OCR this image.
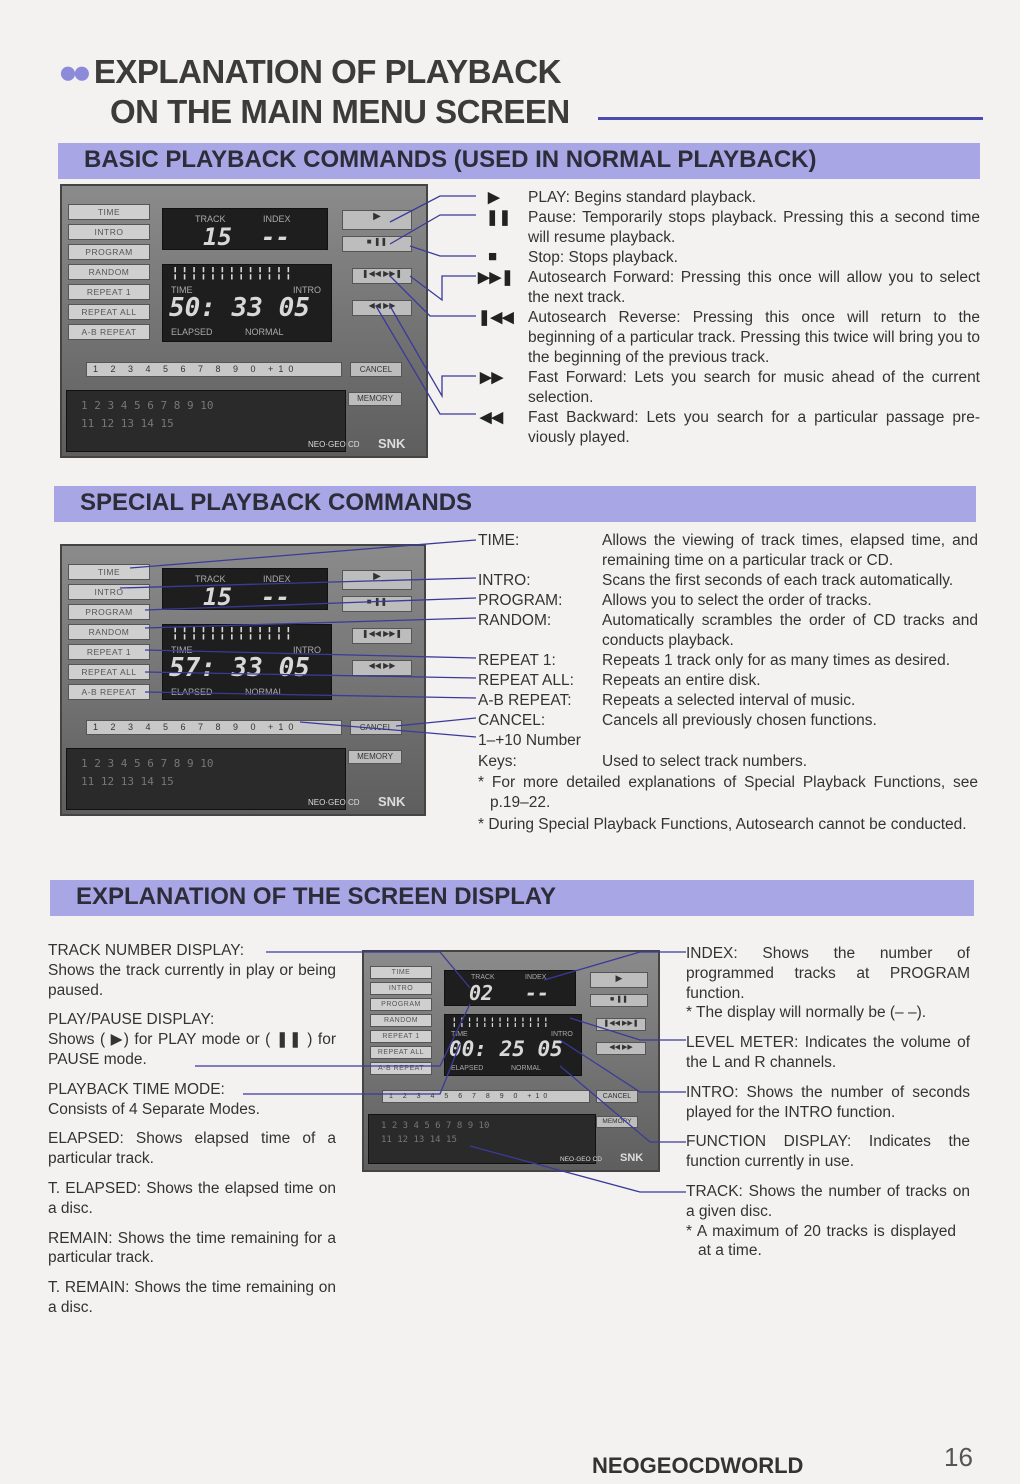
●● EXPLANATION OF PLAYBACK
ON THE MAIN MENU SCREEN
BASIC PLAYBACK COMMANDS (USED IN NORMAL PLAYBACK)
SPECIAL PLAYBACK COMMANDS
EXPLANATION OF THE SCREEN DISPLAY
TIME
INTRO
PROGRAM
RANDOM
REPEAT 1
REPEAT ALL
A-B REPEAT
TRACK	INDEX
15 --
¦¦¦¦¦¦¦¦¦¦¦¦¦
TIME	INTRO
50: 33 05
ELAPSED	NORMAL
▶
■ ❚❚
❚◀◀ ▶▶❚
◀◀ ▶▶
1 2 3 4 5 6 7 8 9 0 +10	CANCEL
1 2 3 4 5 6 7 8 9 10
11 12 13 14 15
MEMORY
NEO·GEO CD SNK
▶ PLAY: Begins standard playback.
❚❚ Pause: Temporarily stops playback. Pressing this a second time will resume playback.
■ Stop: Stops playback.
▶▶❚ Autosearch Forward: Pressing this once will allow you to select the next track.
❚◀◀ Autosearch Reverse: Pressing this once will return to the beginning of a particular track. Pressing this twice will bring you to the beginning of the previous track.
▶▶ Fast Forward: Lets you search for music ahead of the current selection.
◀◀ Fast Backward: Lets you search for a particular passage pre-viously played.
TIME
INTRO
PROGRAM
RANDOM
REPEAT 1
REPEAT ALL
A-B REPEAT
TRACK	INDEX
15 --
¦¦¦¦¦¦¦¦¦¦¦¦¦
TIME	INTRO
57: 33 05
ELAPSED	NORMAL
▶
■ ❚❚
❚◀◀ ▶▶❚
◀◀ ▶▶
1 2 3 4 5 6 7 8 9 0 +10	CANCEL
1 2 3 4 5 6 7 8 9 10
11 12 13 14 15
MEMORY
NEO·GEO CD SNK
TIME:	Allows the viewing of track times, elapsed time, and remaining time on a particular track or CD.
INTRO:	Scans the first seconds of each track automatically.
PROGRAM:	Allows you to select the order of tracks.
RANDOM:	Automatically scrambles the order of CD tracks and conducts playback.
REPEAT 1:	Repeats 1 track only for as many times as desired.
REPEAT ALL: Repeats an entire disk.
A-B REPEAT: Repeats a selected interval of music.
CANCEL:	Cancels all previously chosen functions.
1–+10 Number
Keys:	Used to select track numbers.
* For more detailed explanations of Special Playback Functions, see p.19–22.
* During Special Playback Functions, Autosearch cannot be conducted.
TIME
INTRO
PROGRAM
RANDOM
REPEAT 1
REPEAT ALL
A-B REPEAT
TRACK	INDEX
02 --
¦¦¦¦¦¦¦¦¦¦¦¦¦
TIME	INTRO
00: 25 05
ELAPSED	NORMAL
▶
■ ❚❚
❚◀◀ ▶▶❚
◀◀ ▶▶
1 2 3 4 5 6 7 8 9 0 +10	CANCEL
1 2 3 4 5 6 7 8 9 10
11 12 13 14 15
MEMORY
NEO·GEO CD SNK
TRACK NUMBER DISPLAY:
Shows the track currently in play or being paused.
PLAY/PAUSE DISPLAY:
Shows ( ▶) for PLAY mode or ( ❚❚ ) for PAUSE mode.
PLAYBACK TIME MODE:
Consists of 4 Separate Modes.
ELAPSED: Shows elapsed time of a particular track.
T. ELAPSED: Shows the elapsed time on a disc.
REMAIN: Shows the time remaining for a particular track.
T. REMAIN: Shows the time remaining on a disc.
INDEX: Shows the number of programmed tracks at PROGRAM function.
* The display will normally be (– –).
LEVEL METER: Indicates the volume of the L and R channels.
INTRO: Shows the number of seconds played for the INTRO function.
FUNCTION DISPLAY: Indicates the function currently in use.
TRACK: Shows the number of tracks on a given disc.
* A maximum of 20 tracks is displayed at a time.
NEOGEOCDWORLD	16
